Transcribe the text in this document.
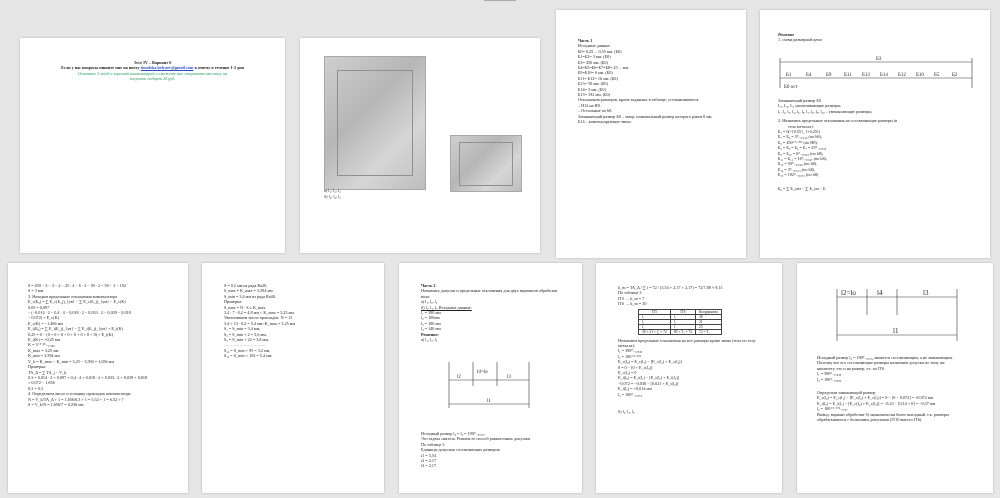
Эссе IV – Вариант 6

Если у вас вопросы пишите мне на почту timofeka.belyaev@gmail.com я отвечу в течение 1-2 дня

Оставьте 5 звёзд и хороший комментарий и сможете мне отправить мне кину, на

получите подарок 20 руб.

а) l₁; l₂; l₃

б) l₁; l₂; l₅

Часть 1

Исходные данные

Б0= 0,25 ... 0,55 мм. (Б0)

Б1=Б2= 3 мм. (Б0)

Б3= 450 мм. (Б0)

Б4=Б5=Б6=Б7=Б8= 25 ... мм.

Б9=Б10= 6 мм. (Б0)

Б11= Б12= 16 мм. (Б0)

Б13= 50 мм. (Б0)

Б14= 3 мм. (Б0)

Б15= 192 мм. (Б0)

Отклонения размеров, кроме заданных в таблице, устанавливаются

– Н12 на Н8,

– Остальные по h8.

Замыкающий размер Б0 – зазор, номинальный размер которого равен 0 мм.

Б14 – компенсирующее звено.

Решение

1. схема размерной цепи

Б3
Б1	Б4	Б9	Б11 Б13 Б14 Б12 Б10 Б5	Б2
Б0 ост

Замыкающий размер Б0.

L₁, L₂, L₃ увеличивающие размеры;

l₁, l₂, l₃, l₄, l₅, l₆, l₇, l₈, l₉, l₁₀ – уменьшающие размеры;

2. Назначить предельные отклонения на составляющие размеры (в

тело металла):

Б₁ = 0(^{0,55}_{+0,25})

Б₁ = Б₂ = 3⁰₋₀,₀₁₄ (по h8),

Б₃ = 450⁺⁰˒⁰⁹⁷ (по Н8),

Б₄ = Б₅ = Б₆ = Б₇ = 25⁰₋₀,₀₃₃

Б₉ = Б₁₀ = 6⁰₋₀,₀₁₈ (по h8),

Б₁₁ = Б₁₂ = 16⁰₋₀,₀₂₇ (по h8),

Б₁₃ = 50⁰₋₀,₀₃₉ (по h8),

Б₁₄ = 3⁰₋₀,₀₁₄ (по h8),

Б₁₅ = 192⁰₋₀,₀₇₂ (по h8)

Б₀ = ∑ Б_увл − ∑ Б_ум − Б

0 = 450 − 3 − 3 − 2 − 25 ∙ 4 − 6 ∙ 2 − 50 ∙ 2 − 50 − 3 − 192

S = 3 мм

3. Находим предельные отклонения компенсатора

E_c(Б₀) = ∑ E_c(Б_j)_{ув} − ∑ E_c(Б_j)_{ум} − E_c(K)

0,05 = 0,097

− (−0,014 ∙ 2 − 0,4 ∙ 4 − 0,018 ∙ 2 − 0,033 ∙ 2 − 0,039 − 0,018

− 0,072) + E_c(K)

E_c(K) = −1,466 мм

E_i(Б₀) = ∑ E_i(Б_j)_{ув} − ∑ E_i(Б_j)_{ум} + E_i(K)

0,25 = 0 − (0 + 0 + 0 + 0 + 0 + 0 + 0 + 0) + E_i(K)

E_i(K) = +0,25 мм

K = 3⁺⁰˒²⁵₋₁,₄₆₆

K_max = 3,25 мм

K_min = 3,594 мм

V_k = K_max − K_min = 3,25 − 3,594 = 1,656 мм

Проверка:

TA_Δ = ∑ TA_j − V_k

0,3 = 0,014 ∙ 2 + 0,097 + 0,4 ∙ 4 + 0,018 ∙ 2 + 0,033 ∙ 2 + 0,039 + 0,018

+ 0,072 − 1,656

0,3 = 0,3

4. Определяем число и толщину прокладок компенсатора.

N = V_k/TA_Δ + 1 = 1,656/0,3 + 1 = 5,52 + 1 = 6,52 ≈ 7

S = V_k/N = 1,656/7 = 0,236 мм

S = 0,2 мм из ряда Ra20,

S_max = K_max = 3,594 мм

S_min = 3,4 мм из ряда Ra40.

Проверка:

S_max = N ∙ S ≥ K_max.

3,4 ∙ 7 ∙ 0,2 = 4,8 мм < K_max = 3,25 мм

Увеличиваем число прокладок: N = 13

3,4 + 13 ∙ 0,2 = 5,4 мм>K_max = 3,25 мм

S₁ = S_min = 3,4 мм,

S₂ = S_min + 2 = 3,6 мм,

S₃ = S_min + 22 = 3,8 мм,

…………………………

S₁₂ = S_min + 95 = 3,2 мм,

S₁₃ = S_min + 102 = 5,4 мм.

Часть 2

Назначить допуски и предельные отклонения для двух вариантов обработки

вала:

а) l₁, l₂, l₃

б) l₁, l₂, l₅ Исходные данные:

l₁ = 390 мм

l₂ = 100мм

l₃ = 100 мм

l₄ = 140 мм

Решение:

а) l₁, l₂, l₃

l2
l4=lo
l3
l1

Исходный размер l₄ = l₃ = 190⁰₋₀,₀₇₂

Это задача синтеза. Решаем ее способ равноточных допусков

По таблице 3

Единицы допусков составляющих размеров:

i1 = 3,54

i2 = 2,17

i3 = 2,17

k_m = TA_Δ / ∑ i = 72 / (3,54 + 2,17 + 2,17) = 72/7,88 ≈ 9,13

По таблице 3

IT5 → k_m = 7

IT6 → k_m = 10

IT5	IT6	Координаты
l₁	l₂	38
l₂	l₃	21
l₃	l₁	25
38 + 21 + ∑ = 72	80 + T₃ = 72	72 = T₃

Назначаем предельные отклонения на все размеры кроме звена (тело по телу

металла):

l₁ = 390⁰₋₀,₀₃₈

l₂ = 100⁺⁰˒⁰²¹

E_c(l₀) = E_c(l₁) − [E_c(l₂) + E_c(l₃)]

0 = 0 − [0 + E_c(l₃)]

E_c(l₃) = 0

E_i(l₀) = E_i(l₁) − [E_i(l₂) + E_i(l₃)]

−0,072 = −0,038 − [0,021 + E_i(l₃)]

E_i(l₃) = +0,014 мм

l₃ = 100⁰₋₀,₀₁₄

б) l₁, l₂, l₅

l2=lo	l4	l3
l1

Исходный размер l₄ = 190⁰₋₀,₀₇₂ является составляющим, а не замыкающим.

Поэтому все его составляющие размеры назначаем допуски по тому же

квалитету, что и на размер, т.е. по IT6

l₁ = 390⁰₋₀,₀₃₈

l₄ = 190⁰₋₀,₀₂₉

Определим замыкающий размер:

E_c(l₀) = E_c(l₁) − [E_c(l₂) + E_c(l₃)] = 0 − [0 − 0,072] = +0,072 мм

E_i(l₀) = E_i(l₁) − [E_c(l₄) + E_c(l₃)] = −0,23 − [0,14 + 0] = −0,37 мм

l₂ = 100⁺⁰˒⁰⁷²₋₀,₃₇

Вывод: вариант обработки б) экономически более выгодный, т.к. размеры

обрабатываются с большими допусками (IT10 вместо IT6).
